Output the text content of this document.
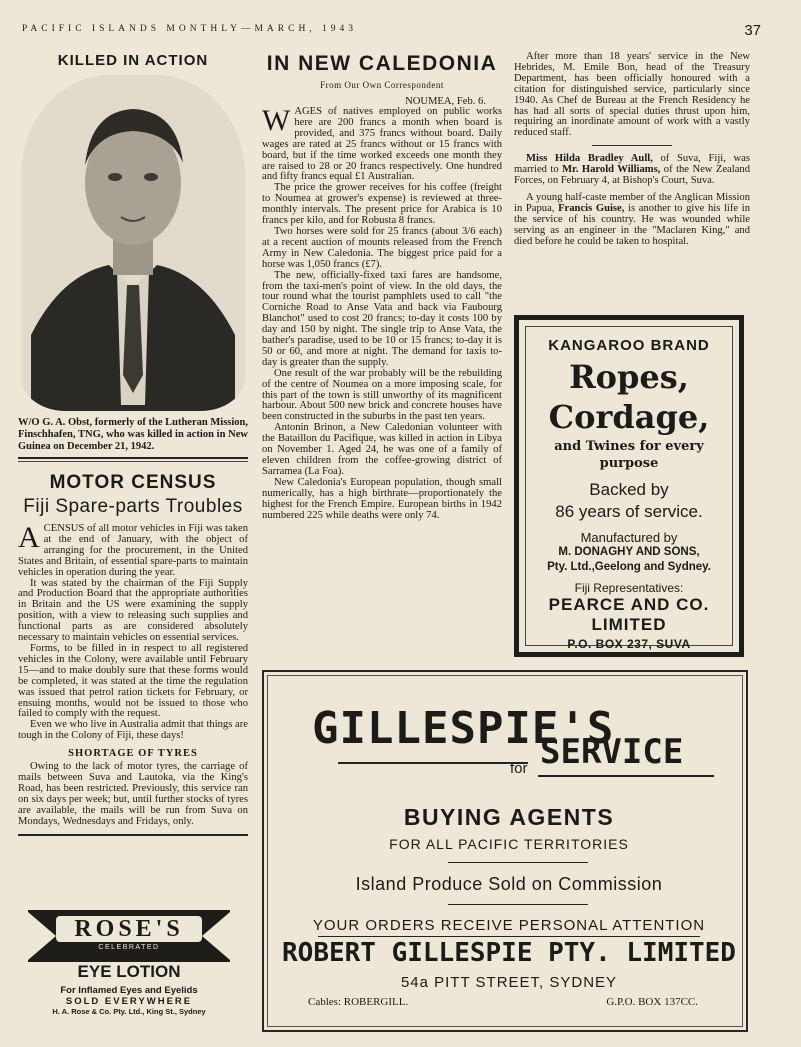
PACIFIC ISLANDS MONTHLY—MARCH, 1943	37
KILLED IN ACTION
W/O G. A. Obst, formerly of the Lutheran Mission, Finschhafen, TNG, who was killed in action in New Guinea on December 21, 1942.
MOTOR CENSUS
Fiji Spare-parts Troubles

ACENSUS of all motor vehicles in Fiji was taken at the end of January, with the object of arranging for the procurement, in the United States and Britain, of essential spare-parts to maintain vehicles in operation during the year.

It was stated by the chairman of the Fiji Supply and Production Board that the appropriate authorities in Britain and the US were examining the supply position, with a view to releasing such supplies and functional parts as are considered absolutely necessary to maintain vehicles on essential services.

Forms, to be filled in in respect to all registered vehicles in the Colony, were available until February 15—and to make doubly sure that these forms would be completed, it was stated at the time the regulation was issued that petrol ration tickets for February, or ensuing months, would not be issued to those who failed to comply with the request.

Even we who live in Australia admit that things are tough in the Colony of Fiji, these days!

SHORTAGE OF TYRES

Owing to the lack of motor tyres, the carriage of mails between Suva and Lautoka, via the King's Road, has been restricted. Previously, this service ran on six days per week; but, until further stocks of tyres are available, the mails will be run from Suva on Mondays, Wednesdays and Fridays, only.

ROSE'S
CELEBRATED
EYE LOTION
For Inflamed Eyes and Eyelids
SOLD EVERYWHERE
H. A. Rose & Co. Pty. Ltd., King St., Sydney
IN NEW CALEDONIA
From Our Own Correspondent
NOUMEA, Feb. 6.

WAGES of natives employed on public works here are 200 francs a month when board is provided, and 375 francs without board. Daily wages are rated at 25 francs without or 15 francs with board, but if the time worked exceeds one month they are raised to 28 or 20 francs respectively. One hundred and fifty francs equal £1 Australian.

The price the grower receives for his coffee (freight to Noumea at grower's expense) is reviewed at three-monthly intervals. The present price for Arabica is 10 francs per kilo, and for Robusta 8 francs.

Two horses were sold for 25 francs (about 3/6 each) at a recent auction of mounts released from the French Army in New Caledonia. The biggest price paid for a horse was 1,050 francs (£7).

The new, officially-fixed taxi fares are handsome, from the taxi-men's point of view. In the old days, the tour round what the tourist pamphlets used to call "the Corniche Road to Anse Vata and back via Faubourg Blanchot" used to cost 20 francs; to-day it costs 100 by day and 150 by night. The single trip to Anse Vata, the bather's paradise, used to be 10 or 15 francs; to-day it is 50 or 60, and more at night. The demand for taxis to-day is greater than the supply.

One result of the war probably will be the rebuilding of the centre of Noumea on a more imposing scale, for this part of the town is still unworthy of its magnificent harbour. About 500 new brick and concrete houses have been constructed in the suburbs in the past ten years.

Antonin Brinon, a New Caledonian volunteer with the Bataillon du Pacifique, was killed in action in Libya on November 1. Aged 24, he was one of a family of eleven children from the coffee-growing district of Sarramea (La Foa).

New Caledonia's European population, though small numerically, has a high birthrate—proportionately the highest for the French Empire. European births in 1942 numbered 225 while deaths were only 74.

After more than 18 years' service in the New Hebrides, M. Emile Bon, head of the Treasury Department, has been officially honoured with a citation for distinguished service, particularly since 1940. As Chef de Bureau at the French Residency he has had all sorts of special duties thrust upon him, requiring an inordinate amount of work with a vastly reduced staff.

Miss Hilda Bradley Aull, of Suva, Fiji, was married to Mr. Harold Williams, of the New Zealand Forces, on February 4, at Bishop's Court, Suva.

A young half-caste member of the Anglican Mission in Papua, Francis Guise, is another to give his life in the service of his country. He was wounded while serving as an engineer in the "Maclaren King," and died before he could be taken to hospital.

KANGAROO BRAND
Ropes,
Cordage,
and Twines for every purpose
Backed by
86 years of service.
Manufactured by
M. DONAGHY AND SONS,
Pty. Ltd.,Geelong and Sydney.
Fiji Representatives:
PEARCE AND CO.
LIMITED
P.O. BOX 237, SUVA
GILLESPIE'S
for SERVICE
BUYING AGENTS
FOR ALL PACIFIC TERRITORIES
Island Produce Sold on Commission
YOUR ORDERS RECEIVE PERSONAL ATTENTION
ROBERT GILLESPIE PTY. LIMITED
54a PITT STREET, SYDNEY
Cables: ROBERGILL.	G.P.O. BOX 137CC.
